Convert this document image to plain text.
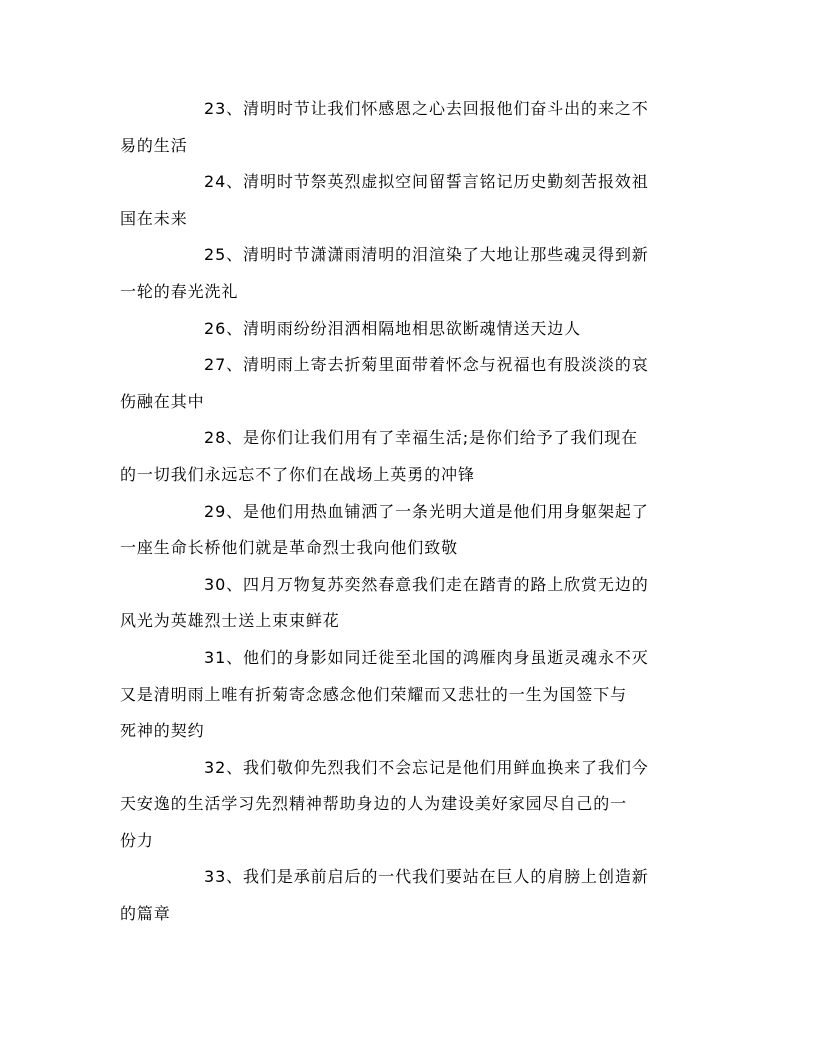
23、清明时节让我们怀感恩之心去回报他们奋斗出的来之不
易的生活

24、清明时节祭英烈虚拟空间留誓言铭记历史勤刻苦报效祖
国在未来

25、清明时节潇潇雨清明的泪渲染了大地让那些魂灵得到新
一轮的春光洗礼

26、清明雨纷纷泪洒相隔地相思欲断魂情送天边人

27、清明雨上寄去折菊里面带着怀念与祝福也有股淡淡的哀
伤融在其中

28、是你们让我们用有了幸福生活;是你们给予了我们现在
的一切我们永远忘不了你们在战场上英勇的冲锋

29、是他们用热血铺洒了一条光明大道是他们用身躯架起了
一座生命长桥他们就是革命烈士我向他们致敬

30、四月万物复苏奕然春意我们走在踏青的路上欣赏无边的
风光为英雄烈士送上束束鲜花

31、他们的身影如同迁徙至北国的鸿雁肉身虽逝灵魂永不灭
又是清明雨上唯有折菊寄念感念他们荣耀而又悲壮的一生为国签下与
死神的契约

32、我们敬仰先烈我们不会忘记是他们用鲜血换来了我们今
天安逸的生活学习先烈精神帮助身边的人为建设美好家园尽自己的一
份力

33、我们是承前启后的一代我们要站在巨人的肩膀上创造新
的篇章
